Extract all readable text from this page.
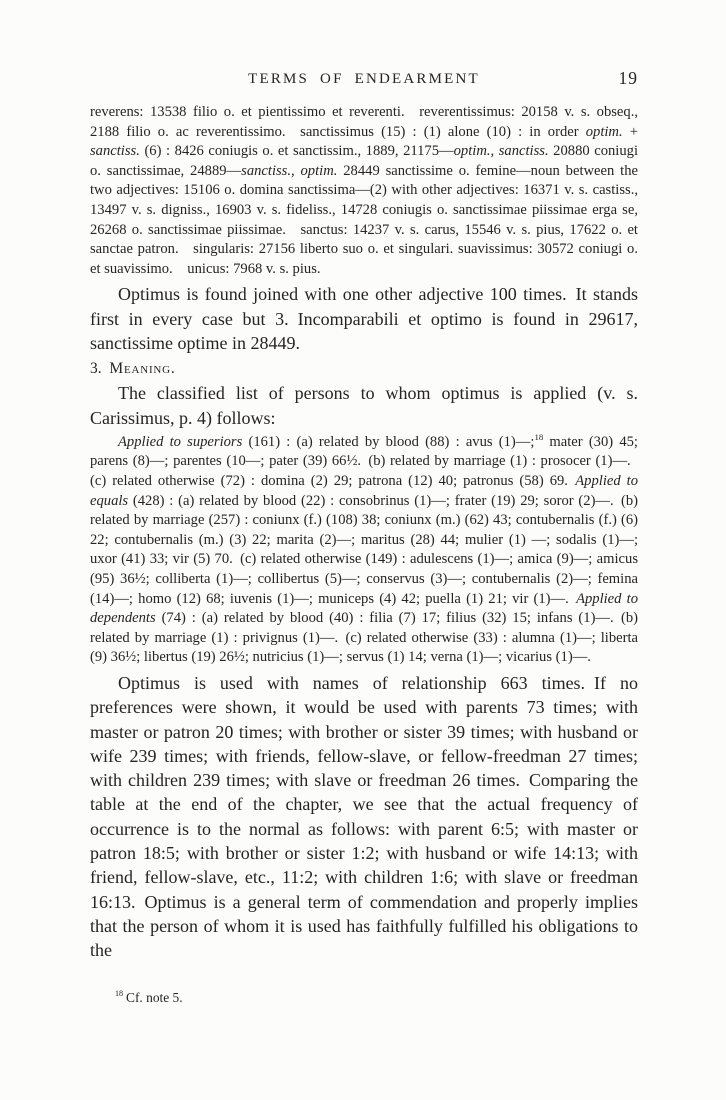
TERMS OF ENDEARMENT	19

reverens: 13538 filio o. et pientissimo et reverenti. reverentissimus: 20158 v. s. obseq., 2188 filio o. ac reverentissimo. sanctissimus (15) : (1) alone (10) : in order optim. + sanctiss. (6) : 8426 coniugis o. et sanctissim., 1889, 21175—optim., sanctiss. 20880 coniugi o. sanctissimae, 24889—sanctiss., optim. 28449 sanctissime o. femine—noun between the two adjectives: 15106 o. domina sanctissima—(2) with other adjectives: 16371 v. s. castiss., 13497 v. s. digniss., 16903 v. s. fideliss., 14728 coniugis o. sanctissimae piissimae erga se, 26268 o. sanctissimae piissimae. sanctus: 14237 v. s. carus, 15546 v. s. pius, 17622 o. et sanctae patron. singularis: 27156 liberto suo o. et singulari. suavissimus: 30572 coniugi o. et suavissimo. unicus: 7968 v. s. pius.

Optimus is found joined with one other adjective 100 times. It stands first in every case but 3. Incomparabili et optimo is found in 29617, sanctissime optime in 28449.

3. Meaning.

The classified list of persons to whom optimus is applied (v. s. Carissimus, p. 4) follows:

Applied to superiors (161) : (a) related by blood (88) : avus (1)—;$^{18}$ mater (30) 45; parens (8)—; parentes (10—; pater (39) 66½. (b) related by marriage (1) : prosocer (1)—. (c) related otherwise (72) : domina (2) 29; patrona (12) 40; patronus (58) 69. Applied to equals (428) : (a) related by blood (22) : consobrinus (1)—; frater (19) 29; soror (2)—. (b) related by marriage (257) : coniunx (f.) (108) 38; coniunx (m.) (62) 43; contubernalis (f.) (6) 22; contubernalis (m.) (3) 22; marita (2)—; maritus (28) 44; mulier (1) —; sodalis (1)—; uxor (41) 33; vir (5) 70. (c) related otherwise (149) : adulescens (1)—; amica (9)—; amicus (95) 36½; colliberta (1)—; collibertus (5)—; conservus (3)—; contubernalis (2)—; femina (14)—; homo (12) 68; iuvenis (1)—; municeps (4) 42; puella (1) 21; vir (1)—. Applied to dependents (74) : (a) related by blood (40) : filia (7) 17; filius (32) 15; infans (1)—. (b) related by marriage (1) : privignus (1)—. (c) related otherwise (33) : alumna (1)—; liberta (9) 36½; libertus (19) 26½; nutricius (1)—; servus (1) 14; verna (1)—; vicarius (1)—.

Optimus is used with names of relationship 663 times. If no preferences were shown, it would be used with parents 73 times; with master or patron 20 times; with brother or sister 39 times; with husband or wife 239 times; with friends, fellow-slave, or fellow-freedman 27 times; with children 239 times; with slave or freedman 26 times. Comparing the table at the end of the chapter, we see that the actual frequency of occurrence is to the normal as follows: with parent 6:5; with master or patron 18:5; with brother or sister 1:2; with husband or wife 14:13; with friend, fellow-slave, etc., 11:2; with children 1:6; with slave or freedman 16:13. Optimus is a general term of commendation and properly implies that the person of whom it is used has faithfully fulfilled his obligations to the

$^{18}$ Cf. note 5.
